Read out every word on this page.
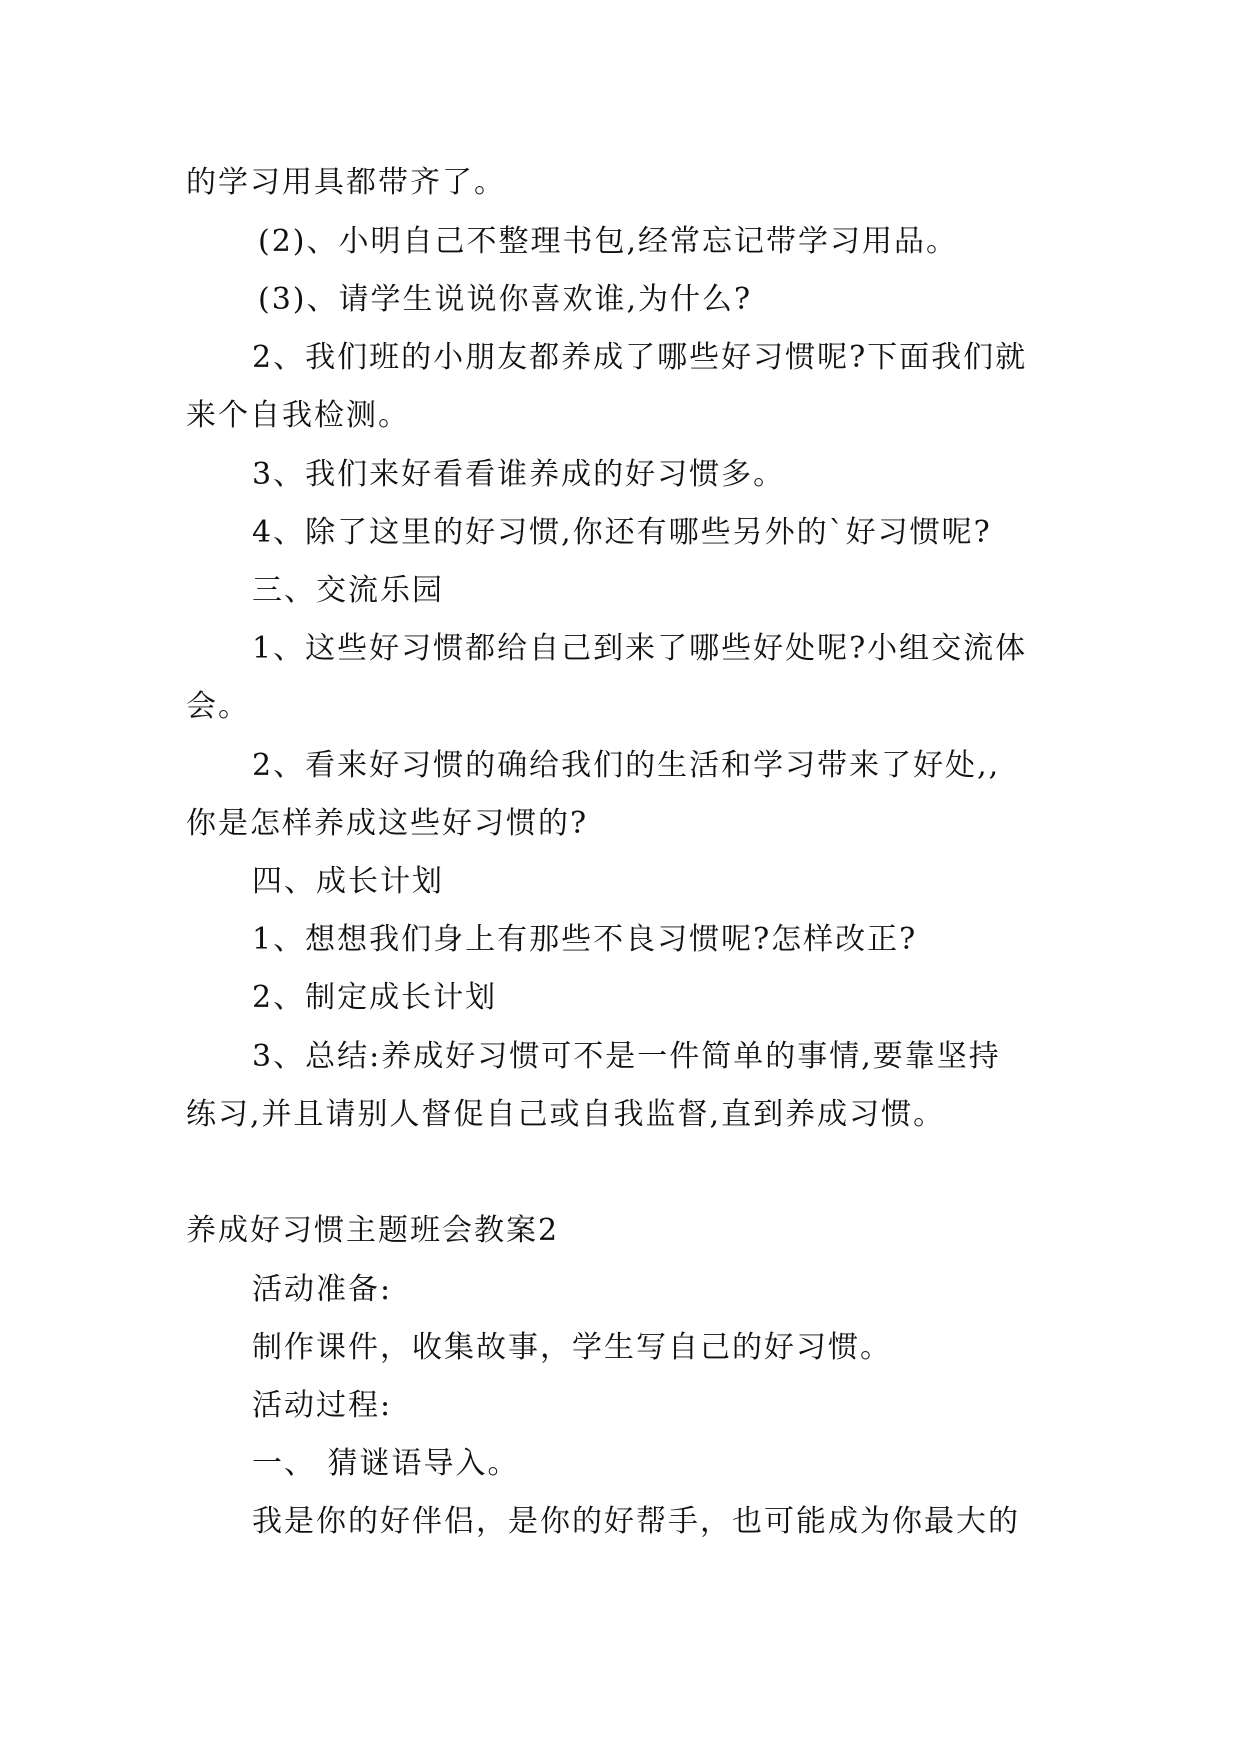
的学习用具都带齐了。
(2)、小明自己不整理书包,经常忘记带学习用品。
(3)、请学生说说你喜欢谁,为什么?
2、我们班的小朋友都养成了哪些好习惯呢?下面我们就
来个自我检测。
3、我们来好看看谁养成的好习惯多。
4、除了这里的好习惯,你还有哪些另外的`好习惯呢?
三、交流乐园
1、这些好习惯都给自己到来了哪些好处呢?小组交流体
会。
2、看来好习惯的确给我们的生活和学习带来了好处,,
你是怎样养成这些好习惯的?
四、成长计划
1、想想我们身上有那些不良习惯呢?怎样改正?
2、制定成长计划
3、总结:养成好习惯可不是一件简单的事情,要靠坚持
练习,并且请别人督促自己或自我监督,直到养成习惯。
养成好习惯主题班会教案2
活动准备:
制作课件，收集故事，学生写自己的好习惯。
活动过程:
一、 猜谜语导入。
我是你的好伴侣，是你的好帮手，也可能成为你最大的
